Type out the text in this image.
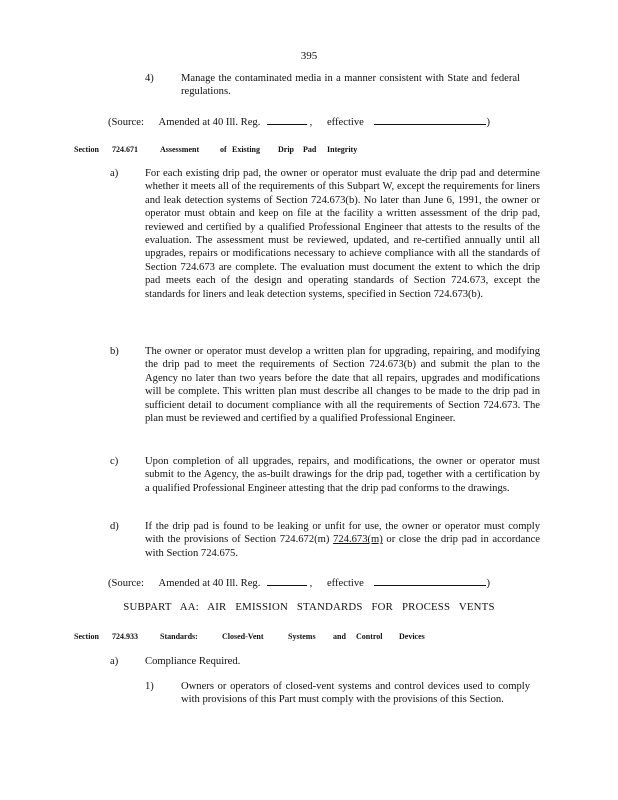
395
4)	Manage the contaminated media in a manner consistent with State and federal regulations.
(Source: Amended at 40 Ill. Reg.	, effective	)
Section 724.671	Assessment	of Existing Drip Pad Integrity
a)	For each existing drip pad, the owner or operator must evaluate the drip pad and determine whether it meets all of the requirements of this Subpart W, except the requirements for liners and leak detection systems of Section 724.673(b). No later than June 6, 1991, the owner or operator must obtain and keep on file at the facility a written assessment of the drip pad, reviewed and certified by a qualified Professional Engineer that attests to the results of the evaluation. The assessment must be reviewed, updated, and re-certified annually until all upgrades, repairs or modifications necessary to achieve compliance with all the standards of Section 724.673 are complete. The evaluation must document the extent to which the drip pad meets each of the design and operating standards of Section 724.673, except the standards for liners and leak detection systems, specified in Section 724.673(b).
b)	The owner or operator must develop a written plan for upgrading, repairing, and modifying the drip pad to meet the requirements of Section 724.673(b) and submit the plan to the Agency no later than two years before the date that all repairs, upgrades and modifications will be complete. This written plan must describe all changes to be made to the drip pad in sufficient detail to document compliance with all the requirements of Section 724.673. The plan must be reviewed and certified by a qualified Professional Engineer.
c)	Upon completion of all upgrades, repairs, and modifications, the owner or operator must submit to the Agency, the as-built drawings for the drip pad, together with a certification by a qualified Professional Engineer attesting that the drip pad conforms to the drawings.
d)	If the drip pad is found to be leaking or unfit for use, the owner or operator must comply with the provisions of Section 724.672(m) 724.673(m) or close the drip pad in accordance with Section 724.675.
(Source: Amended at 40 Ill. Reg.	, effective	)
SUBPART AA: AIR EMISSION STANDARDS FOR PROCESS VENTS
Section 724.933	Standards:	Closed-Vent	Systems and Control Devices
a)	Compliance Required.
1)	Owners or operators of closed-vent systems and control devices used to comply with provisions of this Part must comply with the provisions of this Section.
